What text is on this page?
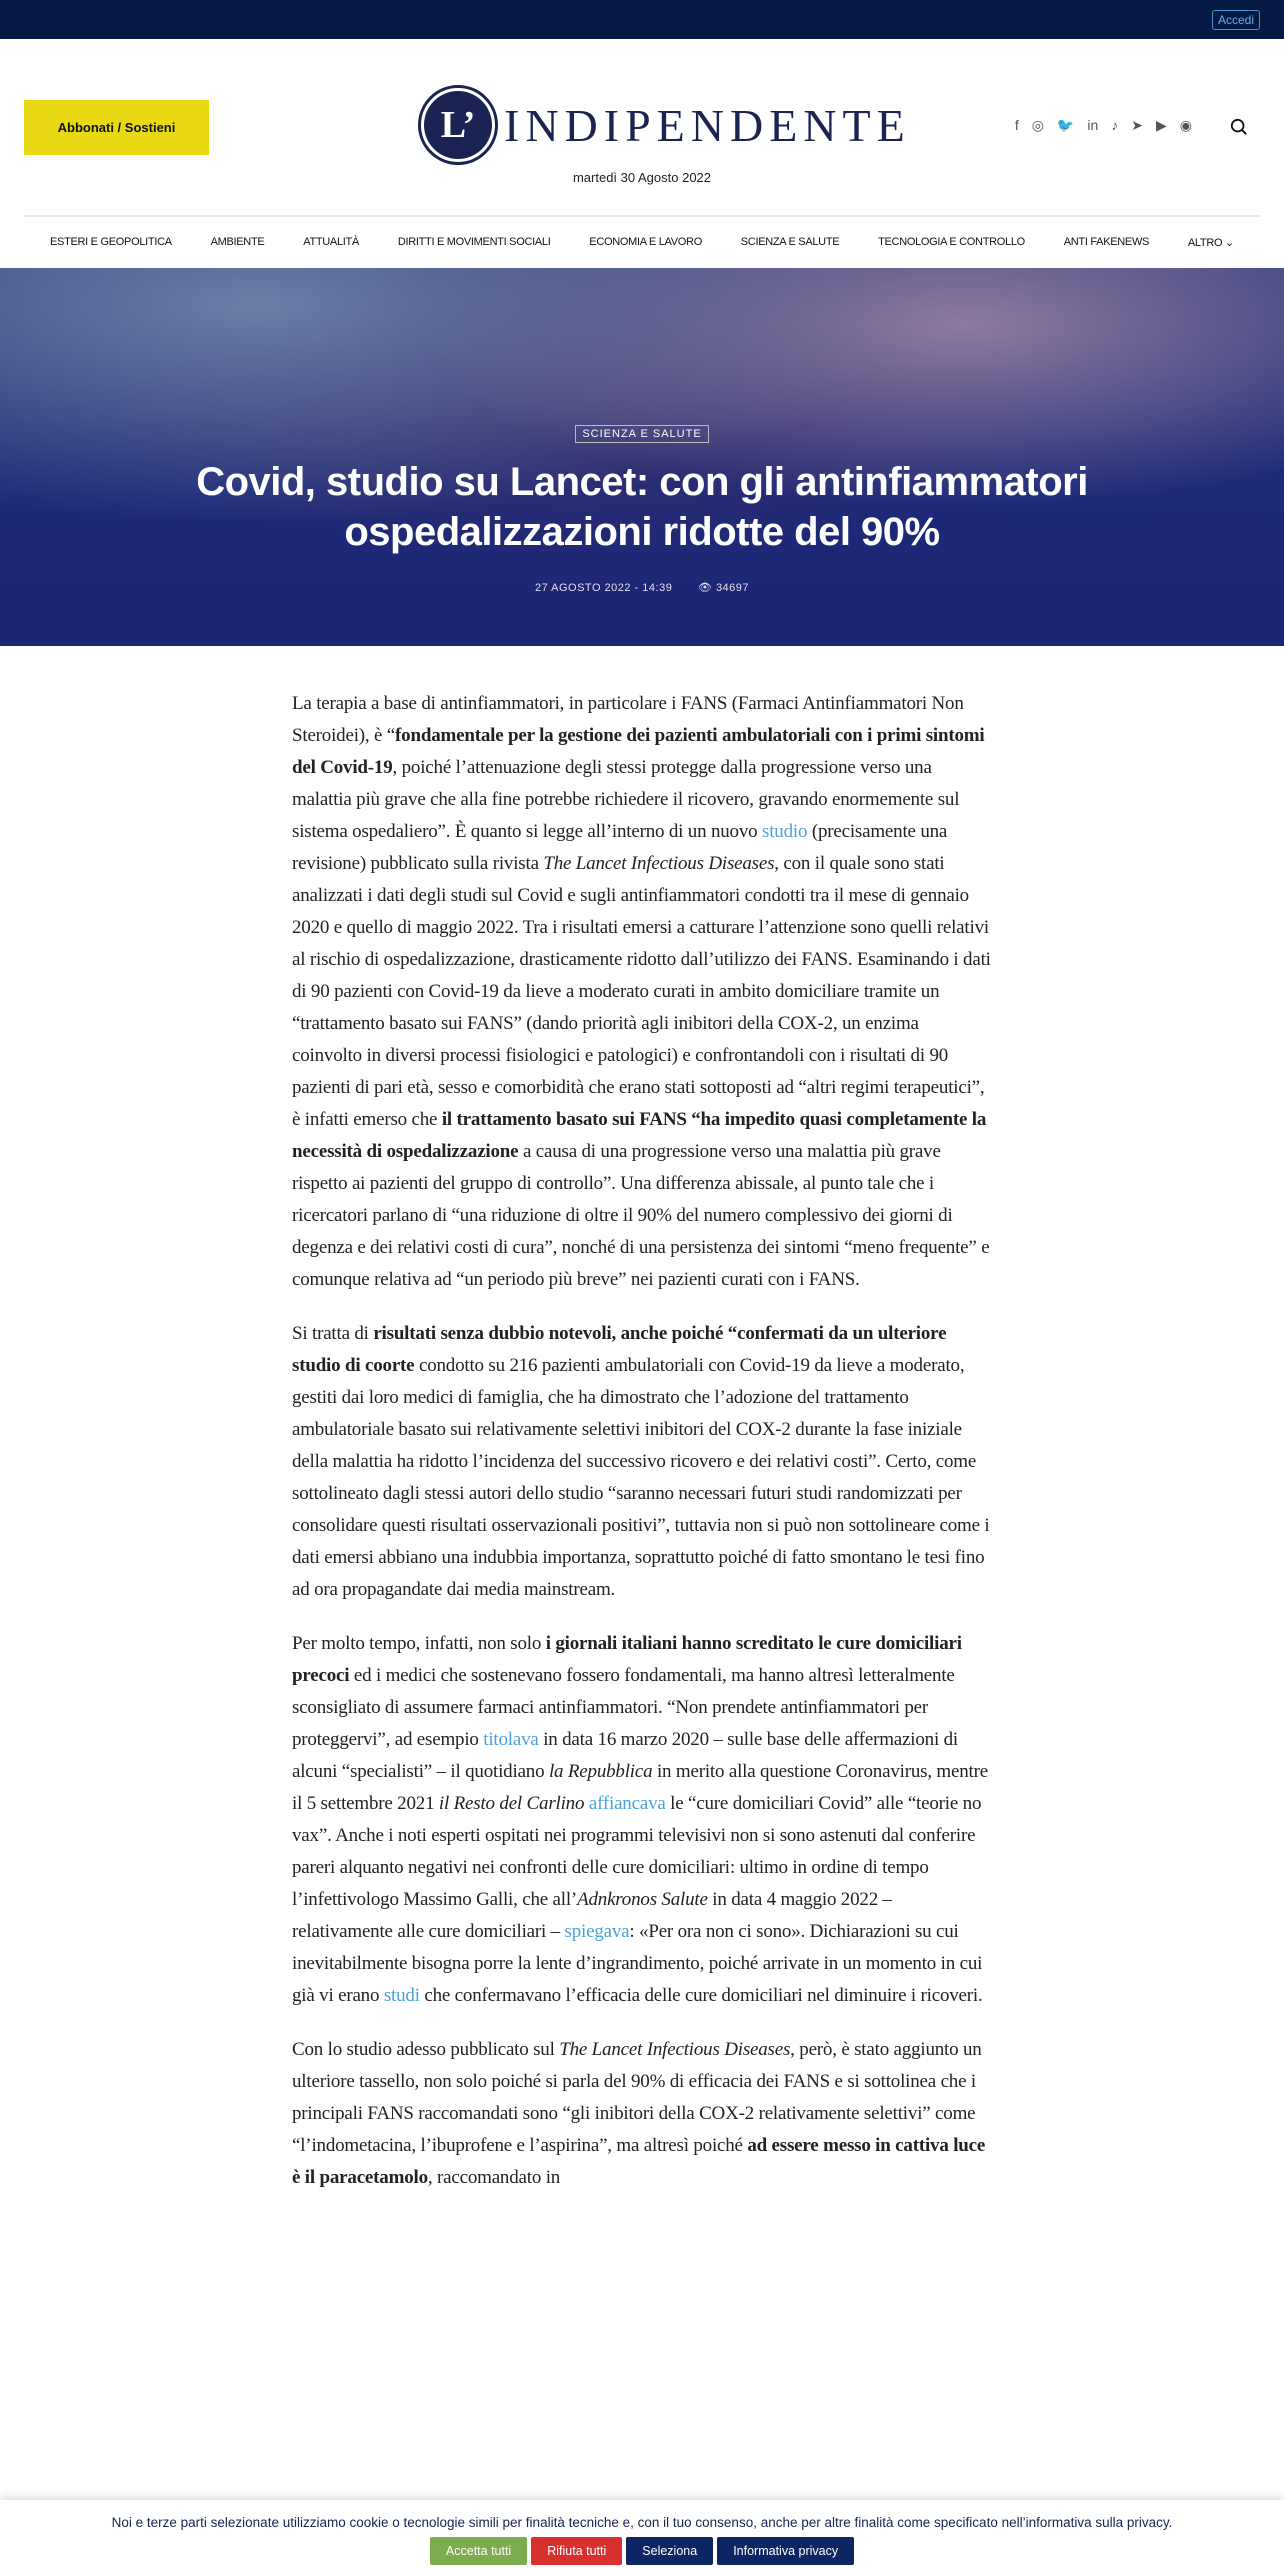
Accedi
Abbonati / Sostieni	L’ INDIPENDENTE	f ◎ 🐦 in ♪ ➤ ▶ ◉
martedì 30 Agosto 2022
ESTERI E GEOPOLITICA	AMBIENTE	ATTUALITÀ	DIRITTI E MOVIMENTI SOCIALI	ECONOMIA E LAVORO	SCIENZA E SALUTE	TECNOLOGIA E CONTROLLO	ANTI FAKENEWS	ALTRO ⌄
SCIENZA E SALUTE
Covid, studio su Lancet: con gli antinfiammatori ospedalizzazioni ridotte del 90%
27 AGOSTO 2022 - 14:39 👁 34697

La terapia a base di antinfiammatori, in particolare i FANS (Farmaci Antinfiammatori Non Steroidei), è “fondamentale per la gestione dei pazienti ambulatoriali con i primi sintomi del Covid-19, poiché l’attenuazione degli stessi protegge dalla progressione verso una malattia più grave che alla fine potrebbe richiedere il ricovero, gravando enormemente sul sistema ospedaliero”. È quanto si legge all’interno di un nuovo studio (precisamente una revisione) pubblicato sulla rivista The Lancet Infectious Diseases, con il quale sono stati analizzati i dati degli studi sul Covid e sugli antinfiammatori condotti tra il mese di gennaio 2020 e quello di maggio 2022. Tra i risultati emersi a catturare l’attenzione sono quelli relativi al rischio di ospedalizzazione, drasticamente ridotto dall’utilizzo dei FANS. Esaminando i dati di 90 pazienti con Covid-19 da lieve a moderato curati in ambito domiciliare tramite un “trattamento basato sui FANS” (dando priorità agli inibitori della COX-2, un enzima coinvolto in diversi processi fisiologici e patologici) e confrontandoli con i risultati di 90 pazienti di pari età, sesso e comorbidità che erano stati sottoposti ad “altri regimi terapeutici”, è infatti emerso che il trattamento basato sui FANS “ha impedito quasi completamente la necessità di ospedalizzazione a causa di una progressione verso una malattia più grave rispetto ai pazienti del gruppo di controllo”. Una differenza abissale, al punto tale che i ricercatori parlano di “una riduzione di oltre il 90% del numero complessivo dei giorni di degenza e dei relativi costi di cura”, nonché di una persistenza dei sintomi “meno frequente” e comunque relativa ad “un periodo più breve” nei pazienti curati con i FANS.

Si tratta di risultati senza dubbio notevoli, anche poiché “confermati da un ulteriore studio di coorte condotto su 216 pazienti ambulatoriali con Covid-19 da lieve a moderato, gestiti dai loro medici di famiglia, che ha dimostrato che l’adozione del trattamento ambulatoriale basato sui relativamente selettivi inibitori del COX-2 durante la fase iniziale della malattia ha ridotto l’incidenza del successivo ricovero e dei relativi costi”. Certo, come sottolineato dagli stessi autori dello studio “saranno necessari futuri studi randomizzati per consolidare questi risultati osservazionali positivi”, tuttavia non si può non sottolineare come i dati emersi abbiano una indubbia importanza, soprattutto poiché di fatto smontano le tesi fino ad ora propagandate dai media mainstream.

Per molto tempo, infatti, non solo i giornali italiani hanno screditato le cure domiciliari precoci ed i medici che sostenevano fossero fondamentali, ma hanno altresì letteralmente sconsigliato di assumere farmaci antinfiammatori. “Non prendete antinfiammatori per proteggervi”, ad esempio titolava in data 16 marzo 2020 – sulle base delle affermazioni di alcuni “specialisti” – il quotidiano la Repubblica in merito alla questione Coronavirus, mentre il 5 settembre 2021 il Resto del Carlino affiancava le “cure domiciliari Covid” alle “teorie no vax”. Anche i noti esperti ospitati nei programmi televisivi non si sono astenuti dal conferire pareri alquanto negativi nei confronti delle cure domiciliari: ultimo in ordine di tempo l’infettivologo Massimo Galli, che all’Adnkronos Salute in data 4 maggio 2022 – relativamente alle cure domiciliari – spiegava: «Per ora non ci sono». Dichiarazioni su cui inevitabilmente bisogna porre la lente d’ingrandimento, poiché arrivate in un momento in cui già vi erano studi che confermavano l’efficacia delle cure domiciliari nel diminuire i ricoveri.

Con lo studio adesso pubblicato sul The Lancet Infectious Diseases, però, è stato aggiunto un ulteriore tassello, non solo poiché si parla del 90% di efficacia dei FANS e si sottolinea che i principali FANS raccomandati sono “gli inibitori della COX-2 relativamente selettivi” come “l’indometacina, l’ibuprofene e l’aspirina”, ma altresì poiché ad essere messo in cattiva luce è il paracetamolo, raccomandato in

Noi e terze parti selezionate utilizziamo cookie o tecnologie simili per finalità tecniche e, con il tuo consenso, anche per altre finalità come specificato nell’informativa sulla privacy.
Accetta tutti	Rifiuta tutti	Seleziona	Informativa privacy
